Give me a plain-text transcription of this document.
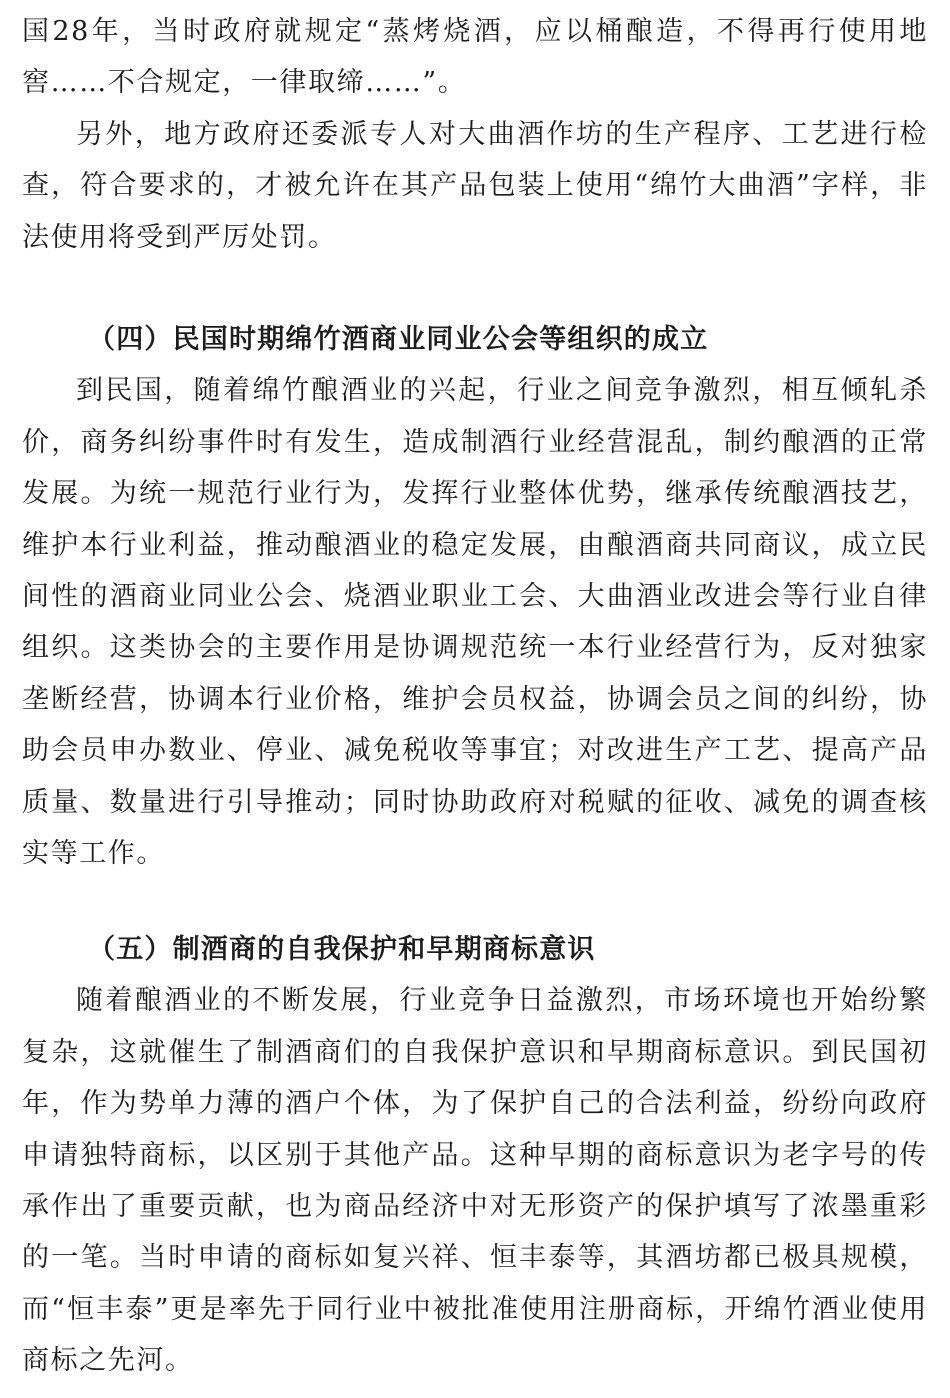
国28年，当时政府就规定“蒸烤烧酒，应以桶酿造，不得再行使用地窖……不合规定，一律取缔……”。

另外，地方政府还委派专人对大曲酒作坊的生产程序、工艺进行检查，符合要求的，才被允许在其产品包装上使用“绵竹大曲酒”字样，非法使用将受到严厉处罚。

（四）民国时期绵竹酒商业同业公会等组织的成立

到民国，随着绵竹酿酒业的兴起，行业之间竞争激烈，相互倾轧杀价，商务纠纷事件时有发生，造成制酒行业经营混乱，制约酿酒的正常发展。为统一规范行业行为，发挥行业整体优势，继承传统酿酒技艺，维护本行业利益，推动酿酒业的稳定发展，由酿酒商共同商议，成立民间性的酒商业同业公会、烧酒业职业工会、大曲酒业改进会等行业自律组织。这类协会的主要作用是协调规范统一本行业经营行为，反对独家垄断经营，协调本行业价格，维护会员权益，协调会员之间的纠纷，协助会员申办数业、停业、减免税收等事宜；对改进生产工艺、提高产品质量、数量进行引导推动；同时协助政府对税赋的征收、减免的调查核实等工作。

（五）制酒商的自我保护和早期商标意识

随着酿酒业的不断发展，行业竞争日益激烈，市场环境也开始纷繁复杂，这就催生了制酒商们的自我保护意识和早期商标意识。到民国初年，作为势单力薄的酒户个体，为了保护自己的合法利益，纷纷向政府申请独特商标，以区别于其他产品。这种早期的商标意识为老字号的传承作出了重要贡献，也为商品经济中对无形资产的保护填写了浓墨重彩的一笔。当时申请的商标如复兴祥、恒丰泰等，其酒坊都已极具规模，而“恒丰泰”更是率先于同行业中被批准使用注册商标，开绵竹酒业使用商标之先河。
